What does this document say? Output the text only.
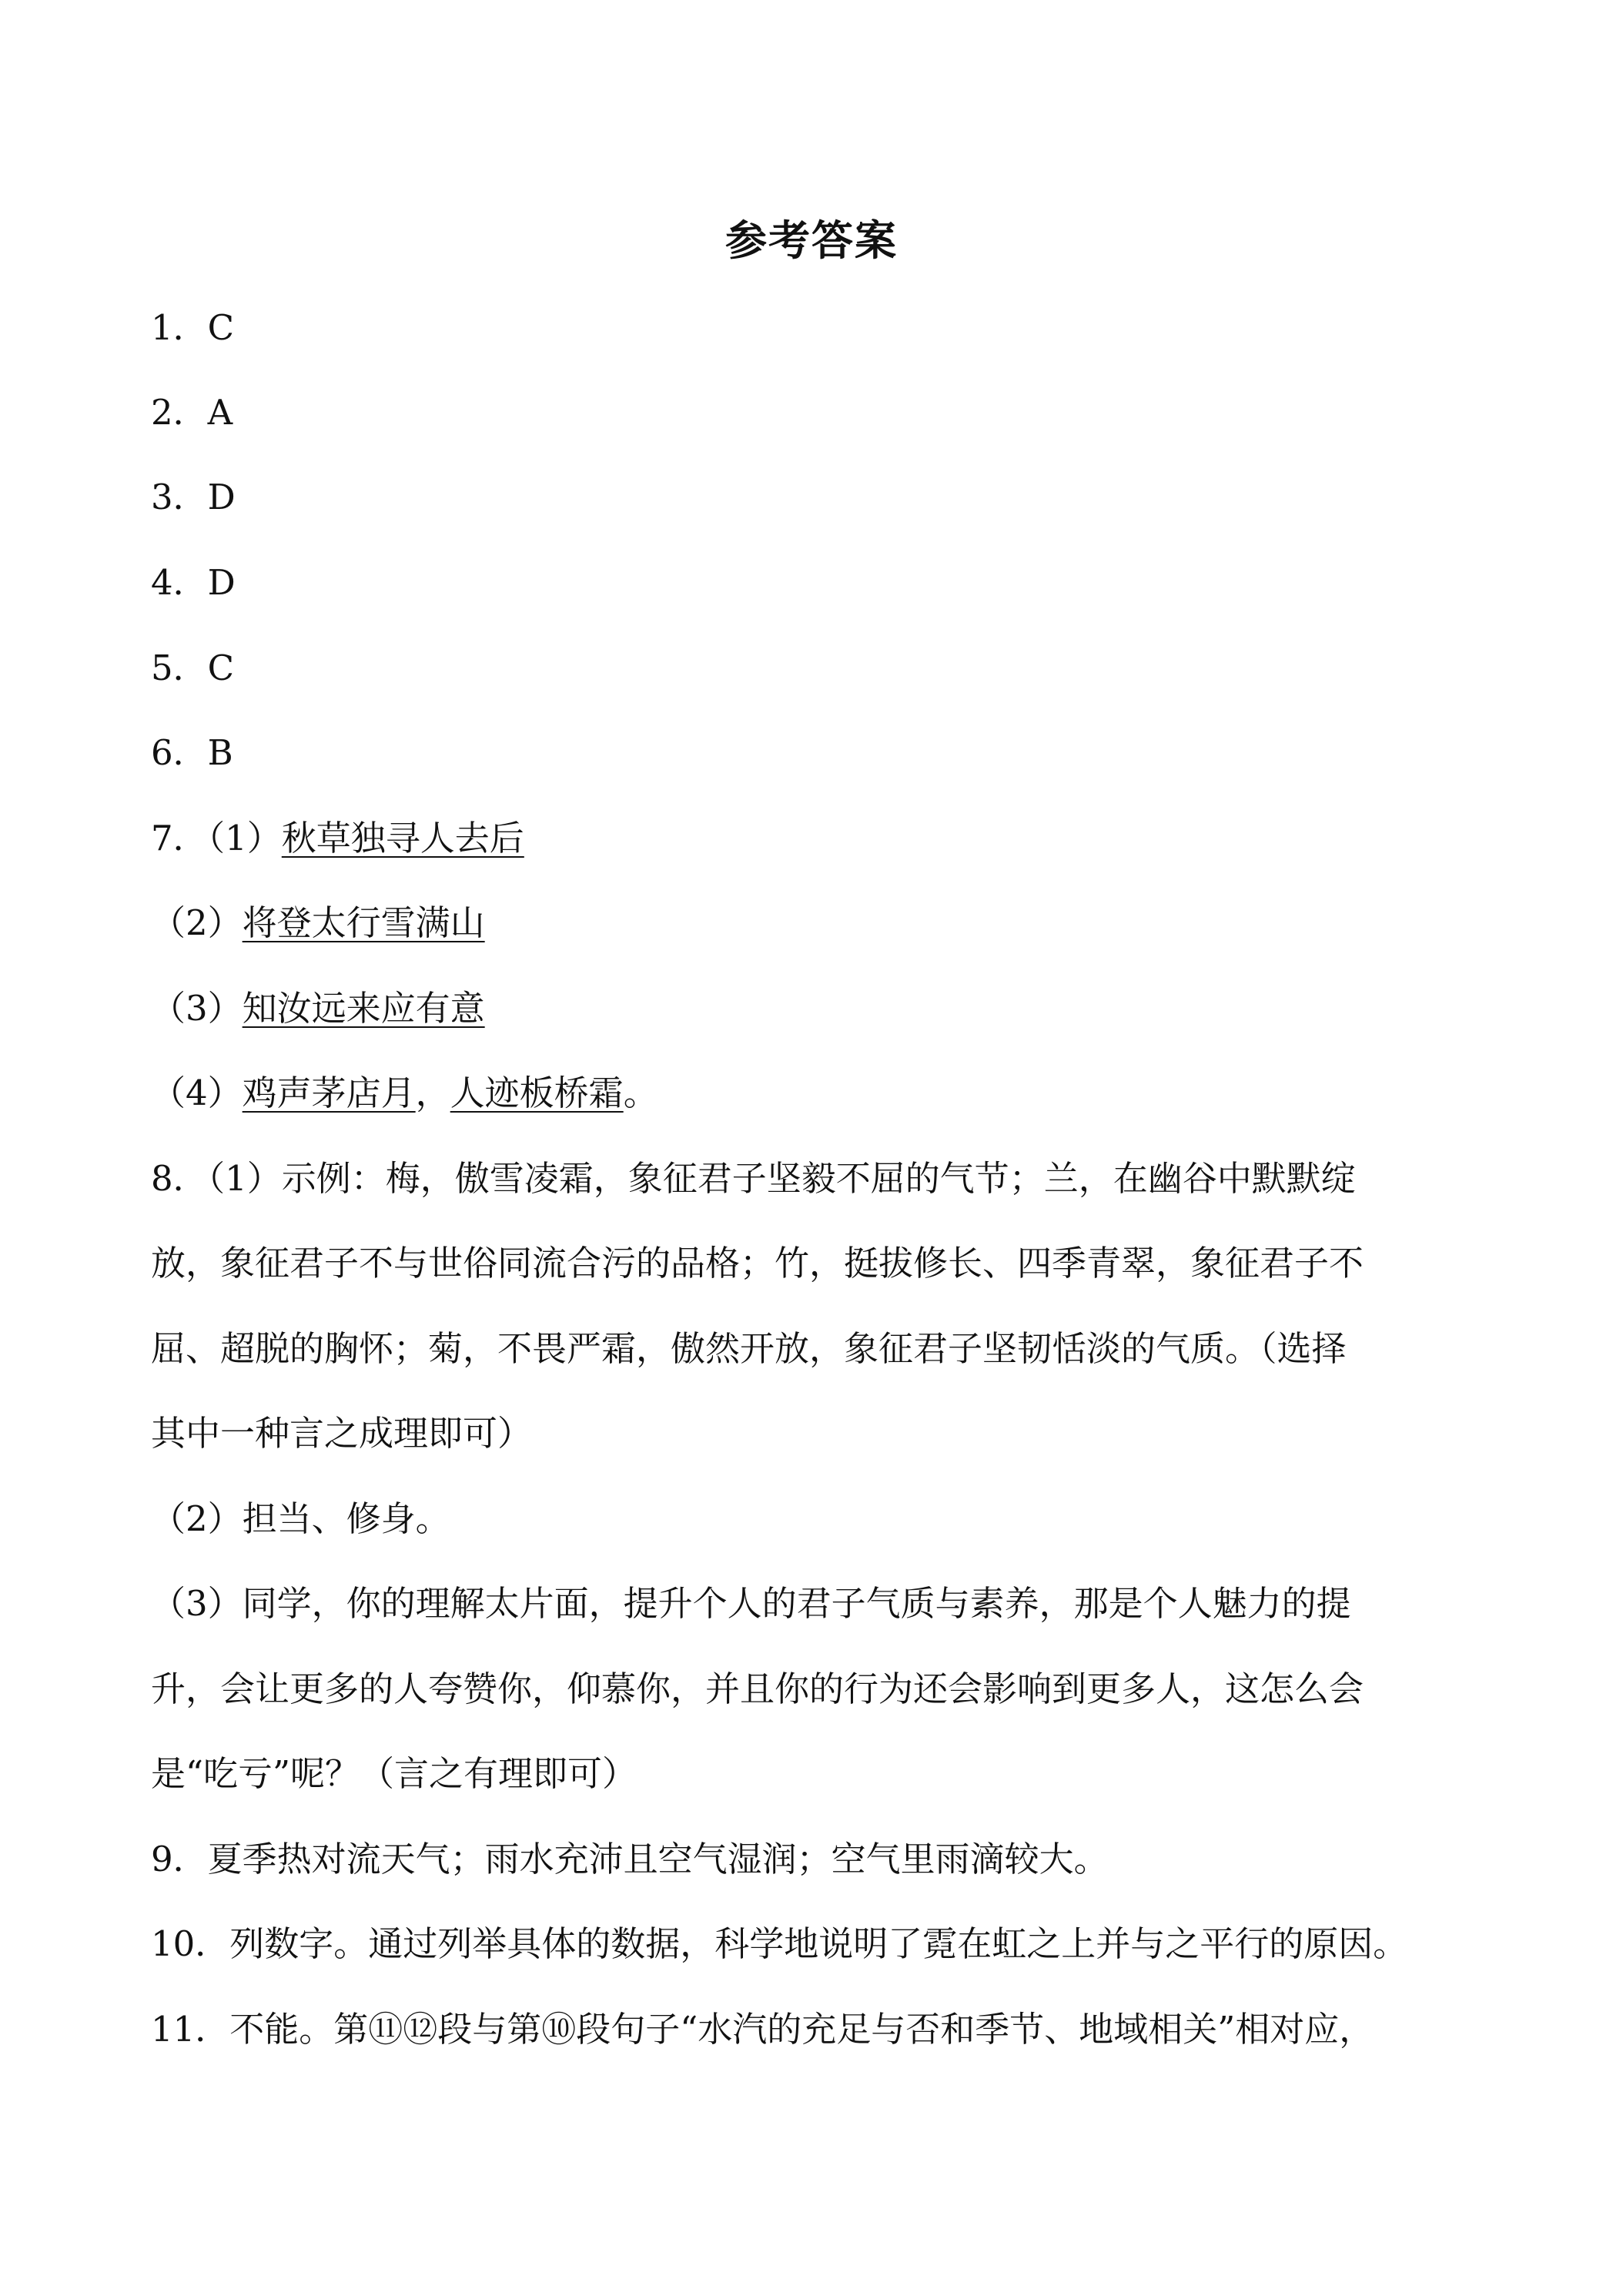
参考答案
1．C
2．A
3．D
4．D
5．C
6．B
7．（1）秋草独寻人去后
（2）将登太行雪满山
（3）知汝远来应有意
（4）鸡声茅店月，人迹板桥霜。
8．（1）示例：梅，傲雪凌霜，象征君子坚毅不屈的气节；兰，在幽谷中默默绽
放，象征君子不与世俗同流合污的品格；竹，挺拔修长、四季青翠，象征君子不
屈、超脱的胸怀；菊，不畏严霜，傲然开放，象征君子坚韧恬淡的气质。（选择
其中一种言之成理即可）
（2）担当、修身。
（3）同学，你的理解太片面，提升个人的君子气质与素养，那是个人魅力的提
升，会让更多的人夸赞你，仰慕你，并且你的行为还会影响到更多人，这怎么会
是“吃亏”呢？（言之有理即可）
9．夏季热对流天气；雨水充沛且空气湿润；空气里雨滴较大。
10．列数字。通过列举具体的数据，科学地说明了霓在虹之上并与之平行的原因。
11．不能。第⑪⑫段与第⑩段句子“水汽的充足与否和季节、地域相关”相对应，
